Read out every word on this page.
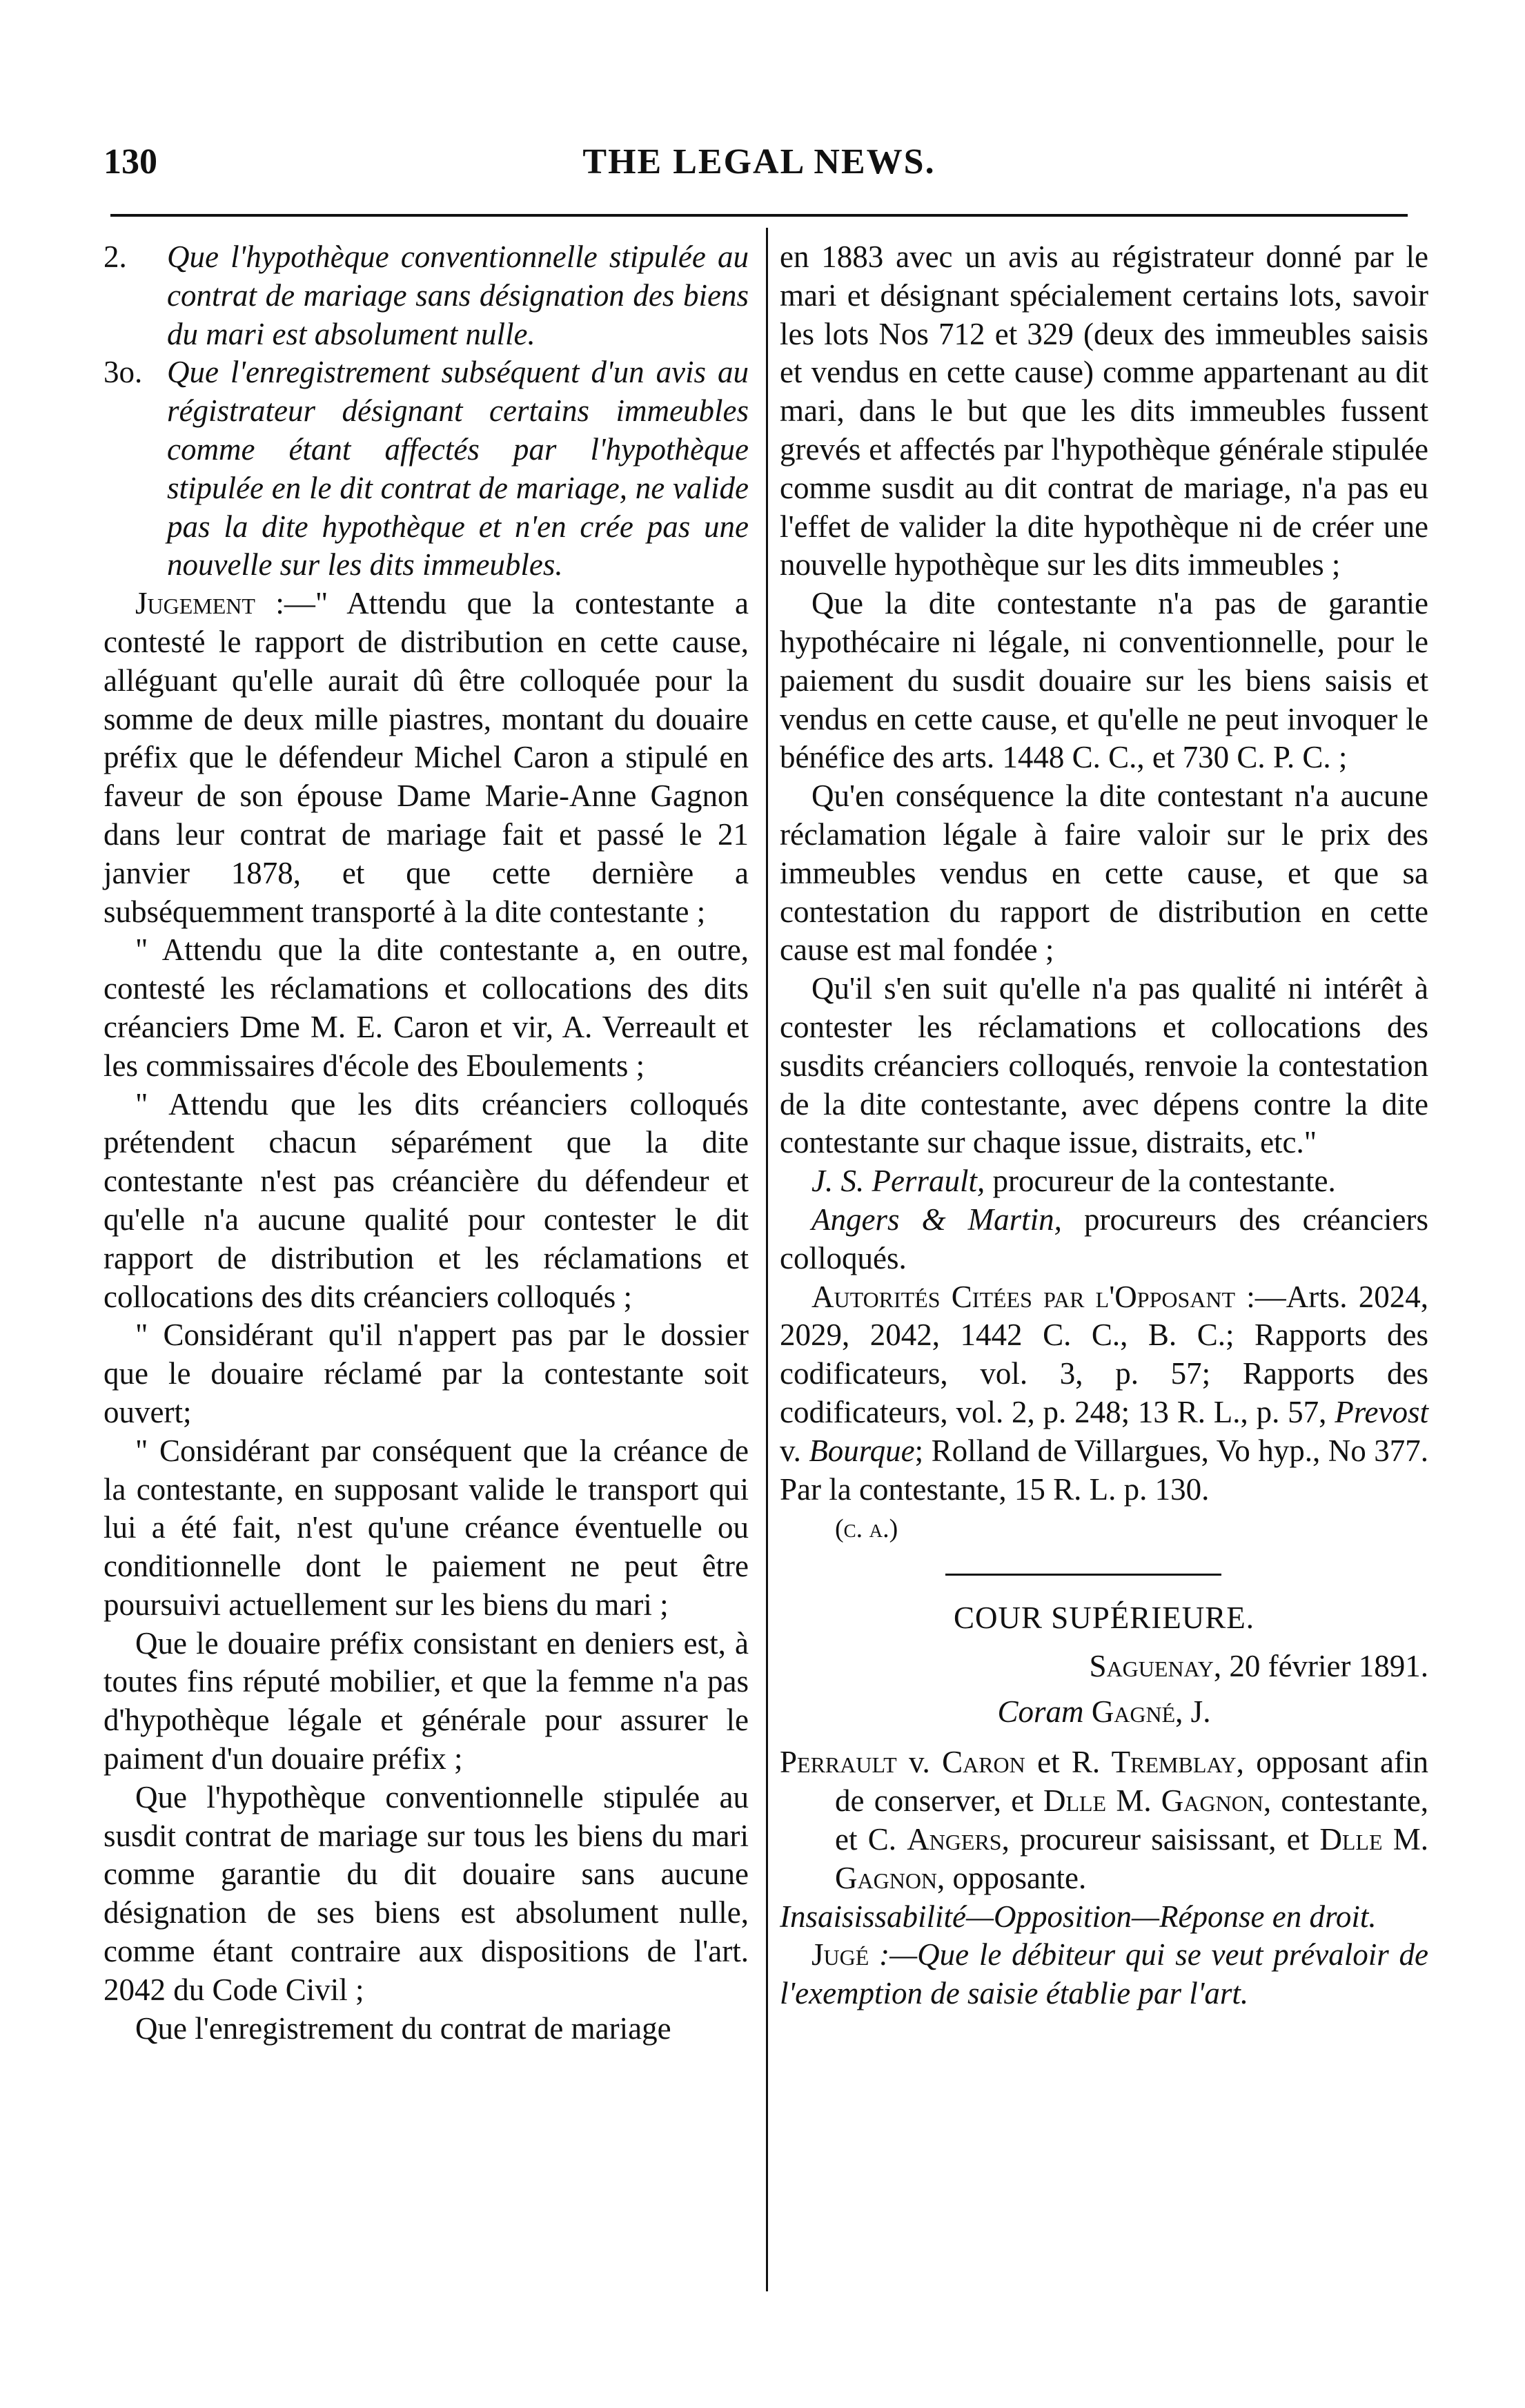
130	THE LEGAL NEWS.
2.	Que l'hypothèque conventionnelle stipulée au contrat de mariage sans désignation des biens du mari est absolument nulle.
3o. Que l'enregistrement subséquent d'un avis au régistrateur désignant certains immeubles comme étant affectés par l'hypothèque stipulée en le dit contrat de mariage, ne valide pas la dite hypothèque et n'en crée pas une nouvelle sur les dits immeubles.

Jugement :—" Attendu que la contestante a contesté le rapport de distribution en cette cause, alléguant qu'elle aurait dû être colloquée pour la somme de deux mille piastres, montant du douaire préfix que le défendeur Michel Caron a stipulé en faveur de son épouse Dame Marie-Anne Gagnon dans leur contrat de mariage fait et passé le 21 janvier 1878, et que cette dernière a subséquemment transporté à la dite contestante ;

" Attendu que la dite contestante a, en outre, contesté les réclamations et collocations des dits créanciers Dme M. E. Caron et vir, A. Verreault et les commissaires d'école des Eboulements ;

" Attendu que les dits créanciers colloqués prétendent chacun séparément que la dite contestante n'est pas créancière du défendeur et qu'elle n'a aucune qualité pour contester le dit rapport de distribution et les réclamations et collocations des dits créanciers colloqués ;

" Considérant qu'il n'appert pas par le dossier que le douaire réclamé par la contestante soit ouvert;

" Considérant par conséquent que la créance de la contestante, en supposant valide le transport qui lui a été fait, n'est qu'une créance éventuelle ou conditionnelle dont le paiement ne peut être poursuivi actuellement sur les biens du mari ;

Que le douaire préfix consistant en deniers est, à toutes fins réputé mobilier, et que la femme n'a pas d'hypothèque légale et générale pour assurer le paiment d'un douaire préfix ;

Que l'hypothèque conventionnelle stipulée au susdit contrat de mariage sur tous les biens du mari comme garantie du dit douaire sans aucune désignation de ses biens est absolument nulle, comme étant contraire aux dispositions de l'art. 2042 du Code Civil ;

Que l'enregistrement du contrat de mariage

en 1883 avec un avis au régistrateur donné par le mari et désignant spécialement certains lots, savoir les lots Nos 712 et 329 (deux des immeubles saisis et vendus en cette cause) comme appartenant au dit mari, dans le but que les dits immeubles fussent grevés et affectés par l'hypothèque générale stipulée comme susdit au dit contrat de mariage, n'a pas eu l'effet de valider la dite hypothèque ni de créer une nouvelle hypothèque sur les dits immeubles ;

Que la dite contestante n'a pas de garantie hypothécaire ni légale, ni conventionnelle, pour le paiement du susdit douaire sur les biens saisis et vendus en cette cause, et qu'elle ne peut invoquer le bénéfice des arts. 1448 C. C., et 730 C. P. C. ;

Qu'en conséquence la dite contestant n'a aucune réclamation légale à faire valoir sur le prix des immeubles vendus en cette cause, et que sa contestation du rapport de distribution en cette cause est mal fondée ;

Qu'il s'en suit qu'elle n'a pas qualité ni intérêt à contester les réclamations et collocations des susdits créanciers colloqués, renvoie la contestation de la dite contestante, avec dépens contre la dite contestante sur chaque issue, distraits, etc."

J. S. Perrault, procureur de la contestante.

Angers & Martin, procureurs des créanciers colloqués.

Autorités Citées par l'Opposant :—Arts. 2024, 2029, 2042, 1442 C. C., B. C.; Rapports des codificateurs, vol. 3, p. 57; Rapports des codificateurs, vol. 2, p. 248; 13 R. L., p. 57, Prevost v. Bourque; Rolland de Villargues, Vo hyp., No 377. Par la contestante, 15 R. L. p. 130.

(c. a.)

COUR SUPÉRIEURE.

Saguenay, 20 février 1891.

Coram Gagné, J.

Perrault v. Caron et R. Tremblay, opposant afin de conserver, et Dlle M. Gagnon, contestante, et C. Angers, procureur saisissant, et Dlle M. Gagnon, opposante.

Insaisissabilité—Opposition—Réponse en droit.

Jugé :—Que le débiteur qui se veut prévaloir de l'exemption de saisie établie par l'art.
